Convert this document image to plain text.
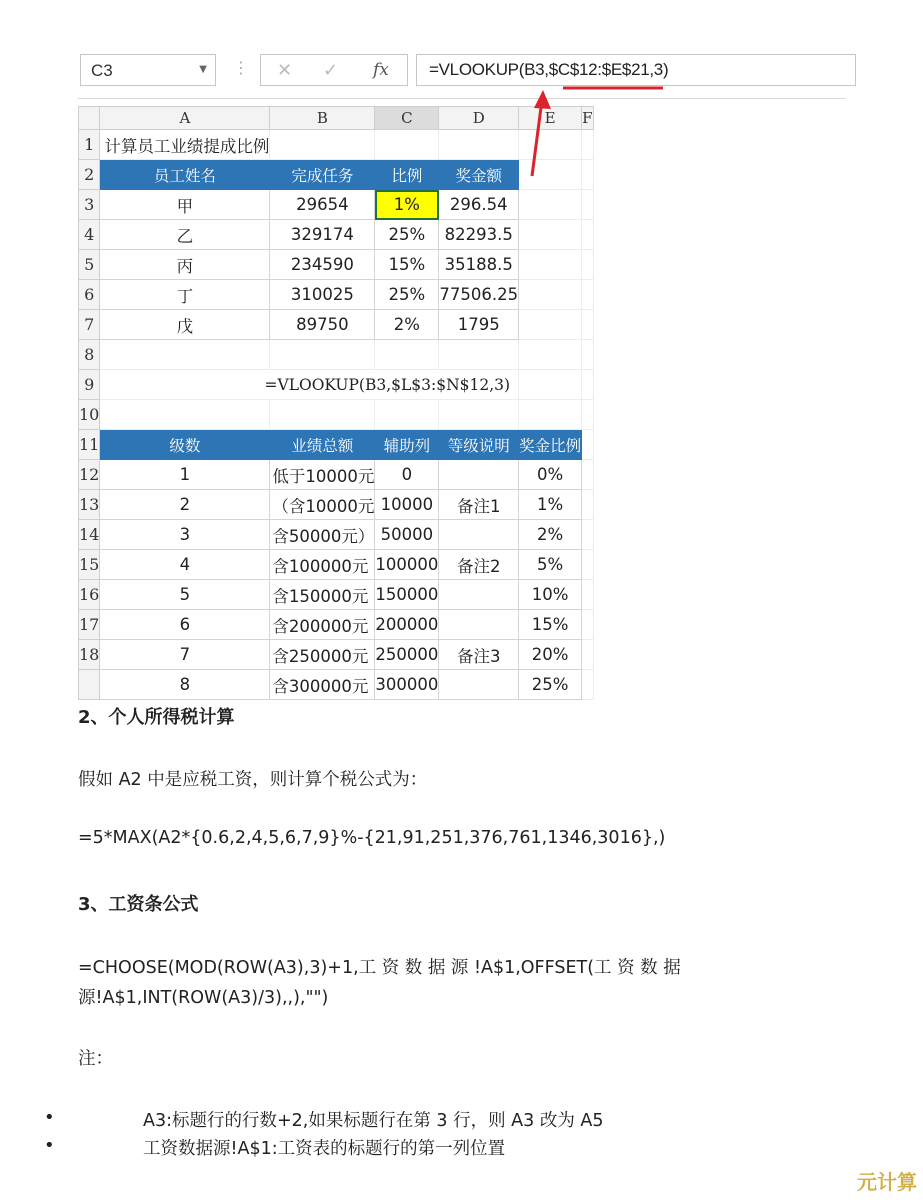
C3	▼ ⋮ ✕ ✓ fx =VLOOKUP(B3,$C$12:$E$21,3)
	A	B	C	D	E	F
1	计算员工业绩提成比例					
2	员工姓名	完成任务	比例	奖金额		
3	甲	29654	1%	296.54		
4	乙	329174	25%	82293.5		
5	丙	234590	15%	35188.5		
6	丁	310025	25%	77506.25		
7	戊	89750	2%	1795		
8						
9	=VLOOKUP(B3,$L$3:$N$12,3)					
10						
11	级数	业绩总额	辅助列	等级说明	奖金比例	
12	1	低于10000元	0		0%	
13	2	（含10000元	10000	备注1	1%	
14	3	含50000元）	50000		2%	
15	4	含100000元	100000	备注2	5%	
16	5	含150000元	150000		10%	
17	6	含200000元	200000		15%	
18	7	含250000元	250000	备注3	20%	
	8	含300000元	300000		25%	
2、个人所得税计算
假如 A2 中是应税工资，则计算个税公式为：
=5*MAX(A2*{0.6,2,4,5,6,7,9}%-{21,91,251,376,761,1346,3016},)
3、工资条公式
=CHOOSE(MOD(ROW(A3),3)+1,工 资 数 据 源 !A$1,OFFSET(工 资 数 据
源!A$1,INT(ROW(A3)/3),,),"")
注：
•	A3:标题行的行数+2,如果标题行在第 3 行，则 A3 改为 A5
•	工资数据源!A$1:工资表的标题行的第一列位置
元计算
